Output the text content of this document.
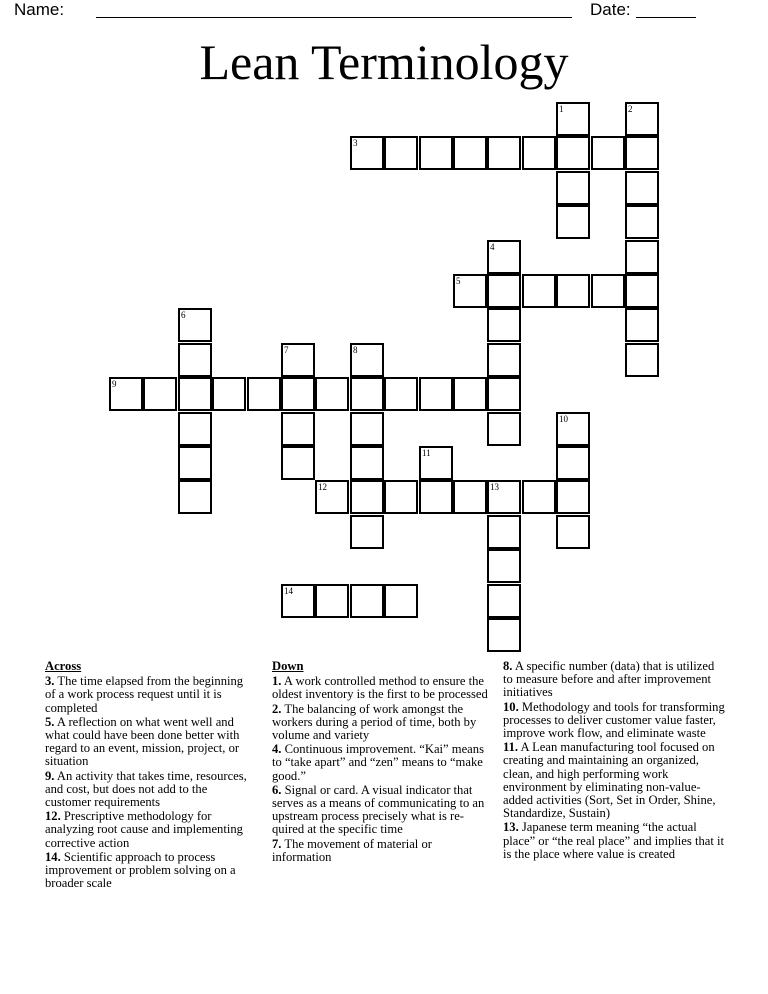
Name:	Date:
Lean Terminology
1	2
3
4
5
6
7	8
9
10
11
12	13
14
Across
3. The time elapsed from the beginning of a work process request until it is completed
5. A reflection on what went well and what could have been done better with regard to an event, mission, project, or situation
9. An activity that takes time, resources, and cost, but does not add to the customer requirements
12. Prescriptive methodology for analyzing root cause and implementing corrective action
14. Scientific approach to process improvement or problem solving on a broader scale
Down
1. A work controlled method to ensure the oldest inventory is the first to be processed
2. The balancing of work amongst the workers during a period of time, both by volume and variety
4. Continuous improvement. “Kai” means to “take apart” and “zen” means to “make good.”
6. Signal or card. A visual indicator that serves as a means of communicating to an upstream process precisely what is re-quired at the specific time
7. The movement of material or information
8. A specific number (data) that is utilized to measure before and after improvement initiatives
10. Methodology and tools for transforming processes to deliver customer value faster, improve work flow, and eliminate waste
11. A Lean manufacturing tool focused on creating and maintaining an organized, clean, and high performing work environment by eliminating non-value-added activities (Sort, Set in Order, Shine, Standardize, Sustain)
13. Japanese term meaning “the actual place” or “the real place” and implies that it is the place where value is created
